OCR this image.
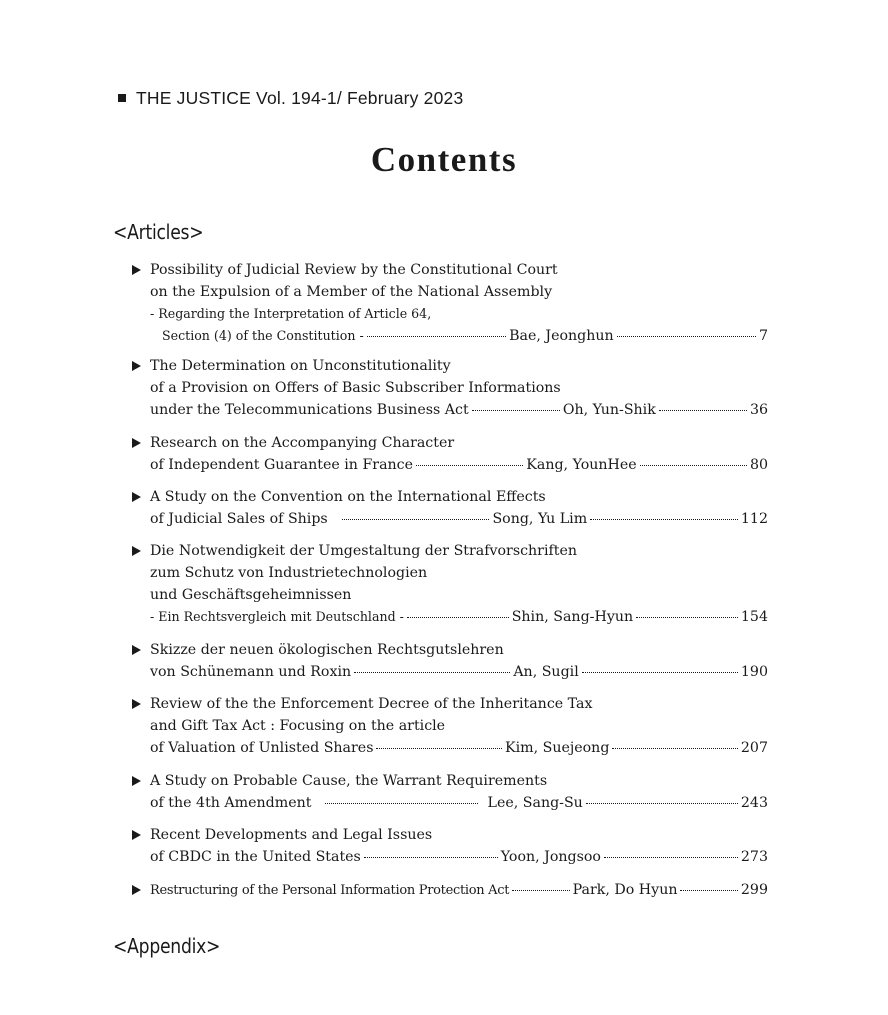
THE JUSTICE Vol. 194-1/ February 2023
Contents
<Articles>
Possibility of Judicial Review by the Constitutional Court
on the Expulsion of a Member of the National Assembly
- Regarding the Interpretation of Article 64,
Section (4) of the Constitution -	Bae, Jeonghun	7
The Determination on Unconstitutionality
of a Provision on Offers of Basic Subscriber Informations
under the Telecommunications Business Act	Oh, Yun-Shik	36
Research on the Accompanying Character
of Independent Guarantee in France	Kang, YounHee	80
A Study on the Convention on the International Effects
of Judicial Sales of Ships	Song, Yu Lim	112
Die Notwendigkeit der Umgestaltung der Strafvorschriften
zum Schutz von Industrietechnologien
und Geschäftsgeheimnissen
- Ein Rechtsvergleich mit Deutschland -	Shin, Sang-Hyun	154
Skizze der neuen ökologischen Rechtsgutslehren
von Schünemann und Roxin	An, Sugil	190
Review of the the Enforcement Decree of the Inheritance Tax
and Gift Tax Act : Focusing on the article
of Valuation of Unlisted Shares	Kim, Suejeong	207
A Study on Probable Cause, the Warrant Requirements
of the 4th Amendment	Lee, Sang-Su	243
Recent Developments and Legal Issues
of CBDC in the United States	Yoon, Jongsoo	273
Restructuring of the Personal Information Protection Act	Park, Do Hyun	299
<Appendix>
